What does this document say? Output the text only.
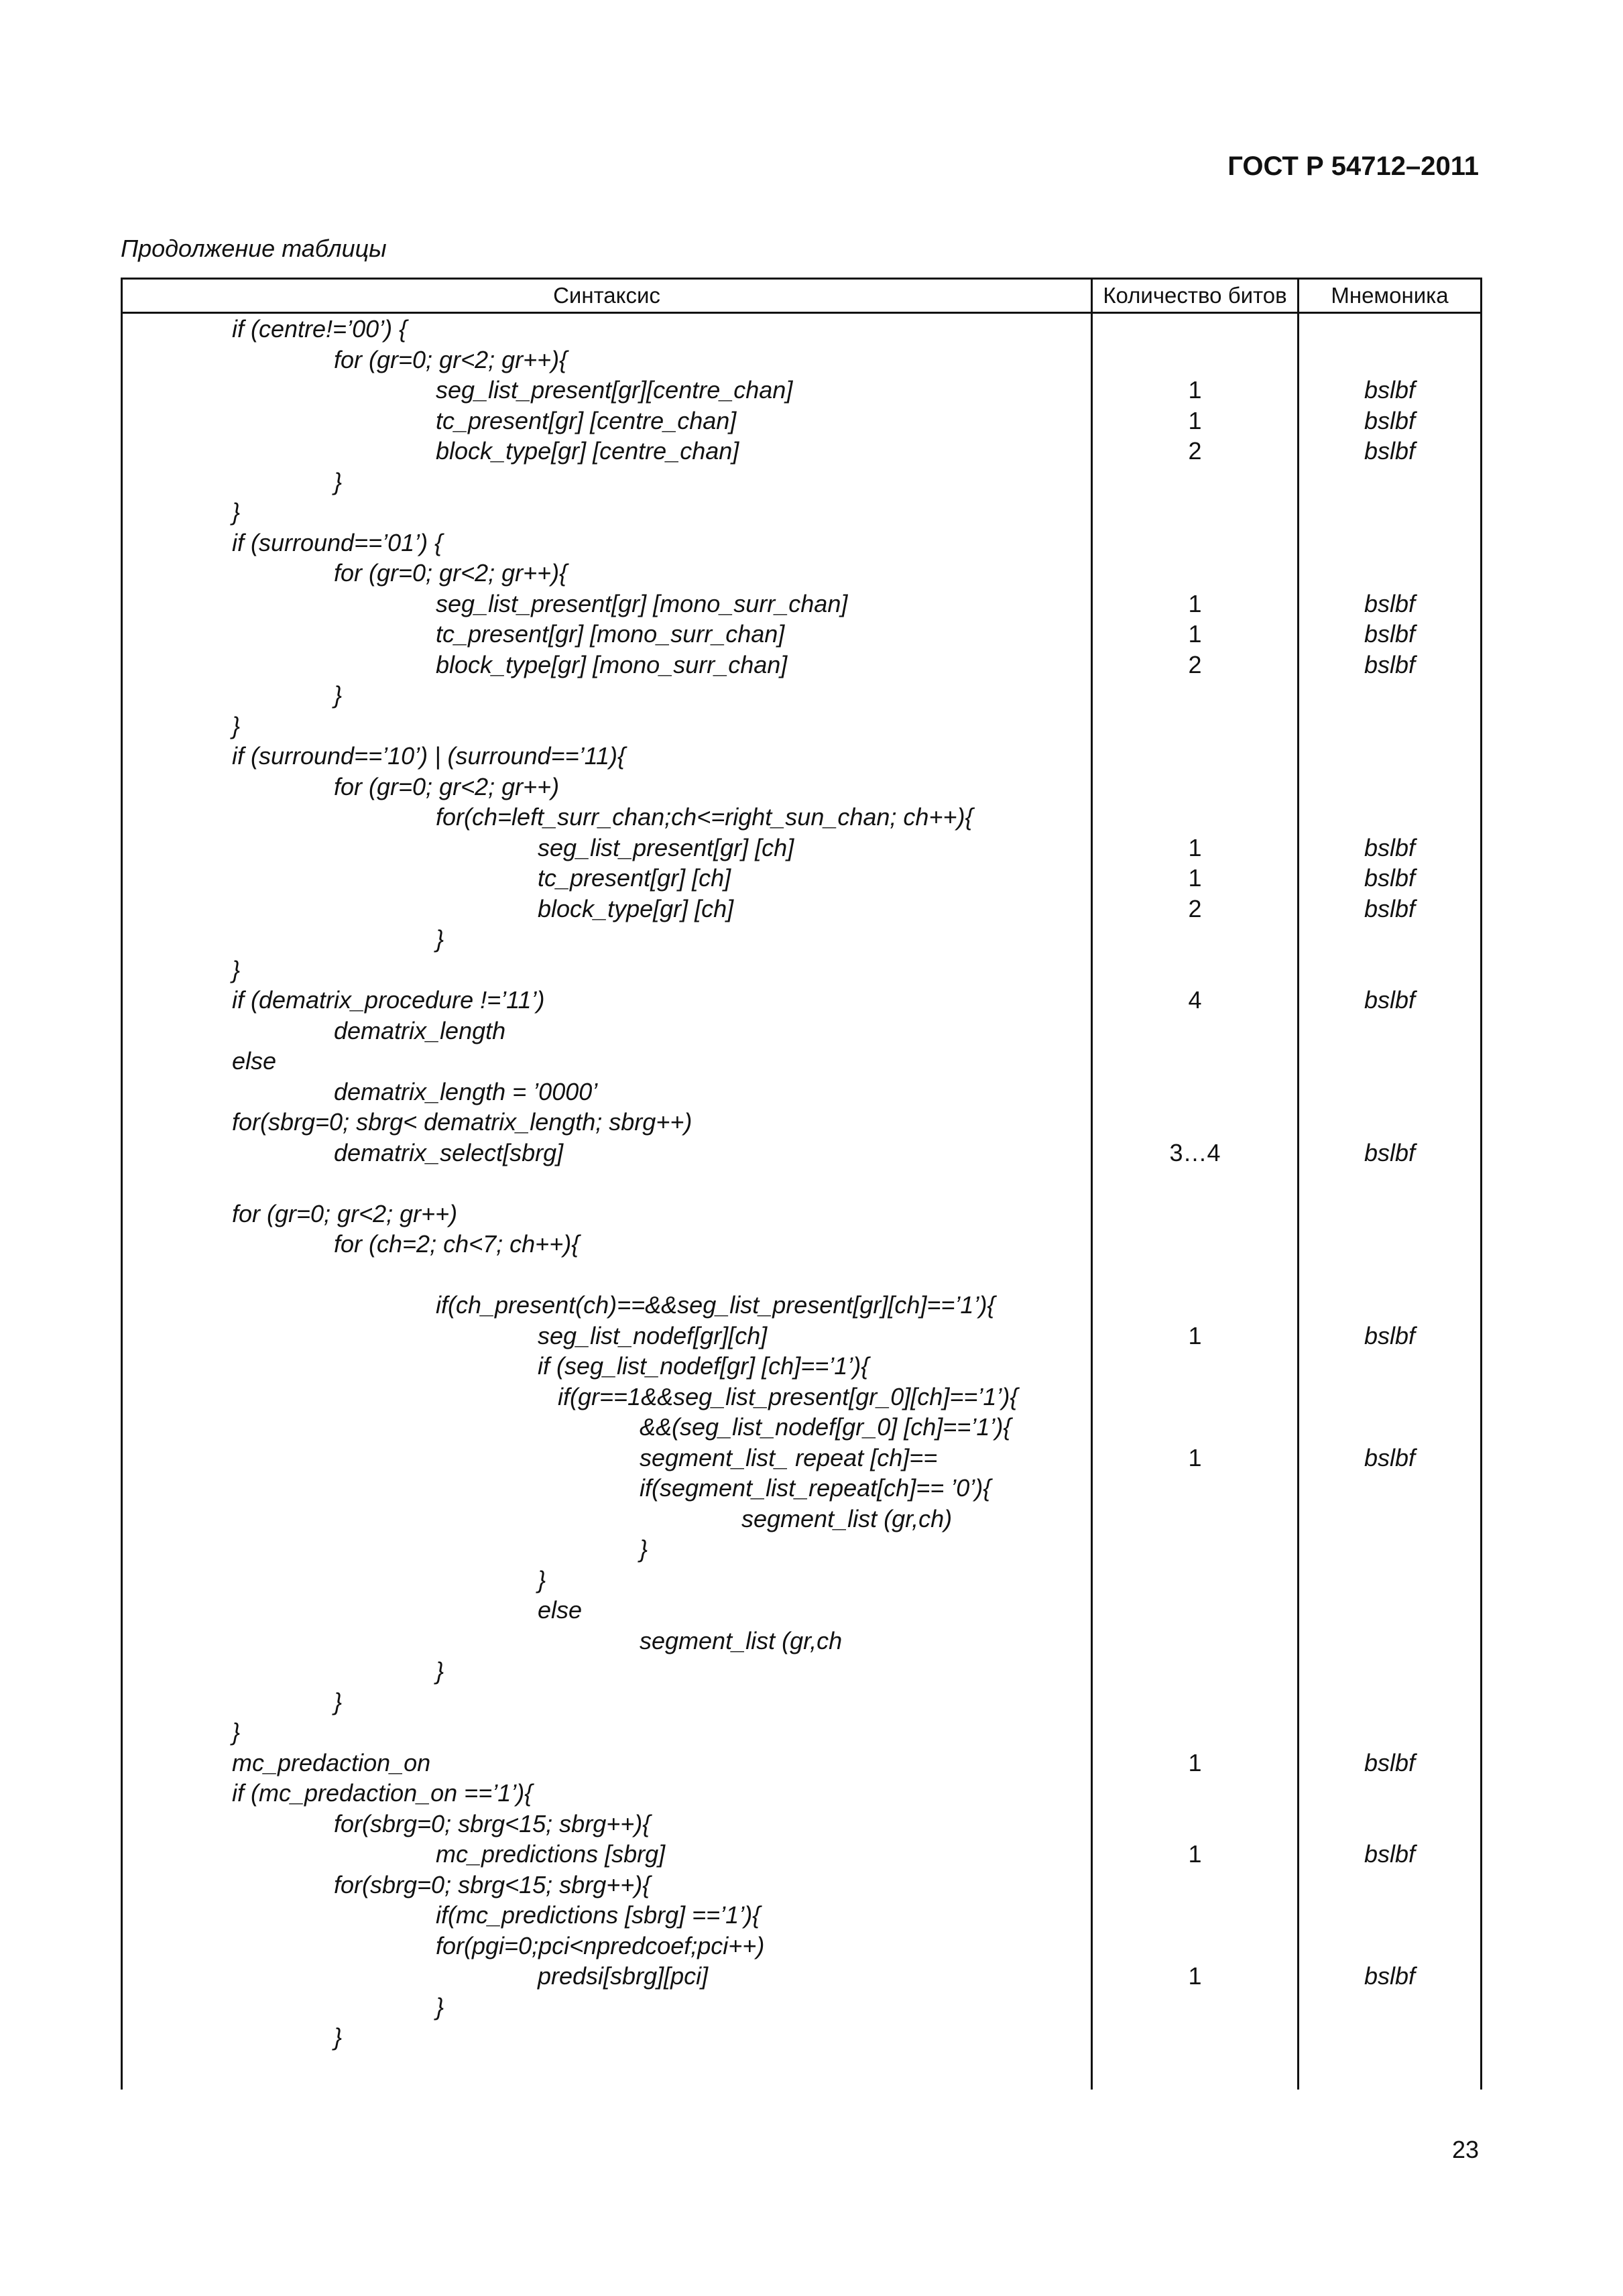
ГОСТ Р 54712–2011
Продолжение таблицы
Синтаксис	Количество битов	Мнемоника
if (centre!=’00’) {
for (gr=0; gr<2; gr++){
seg_list_present[gr][centre_chan]	1	bslbf
tc_present[gr] [centre_chan]	1	bslbf
block_type[gr] [centre_chan]	2	bslbf
}
}
if (surround==’01’) {
for (gr=0; gr<2; gr++){
seg_list_present[gr] [mono_surr_chan]	1	bslbf
tc_present[gr] [mono_surr_chan]	1	bslbf
block_type[gr] [mono_surr_chan]	2	bslbf
}
}
if (surround==’10’) | (surround==’11){
for (gr=0; gr<2; gr++)
for(ch=left_surr_chan;ch<=right_sun_chan; ch++){
seg_list_present[gr] [ch]	1	bslbf
tc_present[gr] [ch]	1	bslbf
block_type[gr] [ch]	2	bslbf
}
}
if (dematrix_procedure !=’11’)	4	bslbf
dematrix_length
else
dematrix_length = ’0000’
for(sbrg=0; sbrg< dematrix_length; sbrg++)
dematrix_select[sbrg]	3…4	bslbf
for (gr=0; gr<2; gr++)
for (ch=2; ch<7; ch++){
if(ch_present(ch)==&&seg_list_present[gr][ch]==’1’){
seg_list_nodef[gr][ch]	1	bslbf
if (seg_list_nodef[gr] [ch]==’1’){
if(gr==1&&seg_list_present[gr_0][ch]==’1’){
&&(seg_list_nodef[gr_0] [ch]==’1’){
segment_list_ repeat [ch]==	1	bslbf
if(segment_list_repeat[ch]== ’0’){
segment_list (gr,ch)
}
}
else
segment_list (gr,ch
}
}
}
mc_predaction_on	1	bslbf
if (mc_predaction_on ==’1’){
for(sbrg=0; sbrg<15; sbrg++){
mc_predictions [sbrg]	1	bslbf
for(sbrg=0; sbrg<15; sbrg++){
if(mc_predictions [sbrg] ==’1’){
for(pgi=0;pci<npredcoef;pci++)
predsi[sbrg][pci]	1	bslbf
}
}
23
